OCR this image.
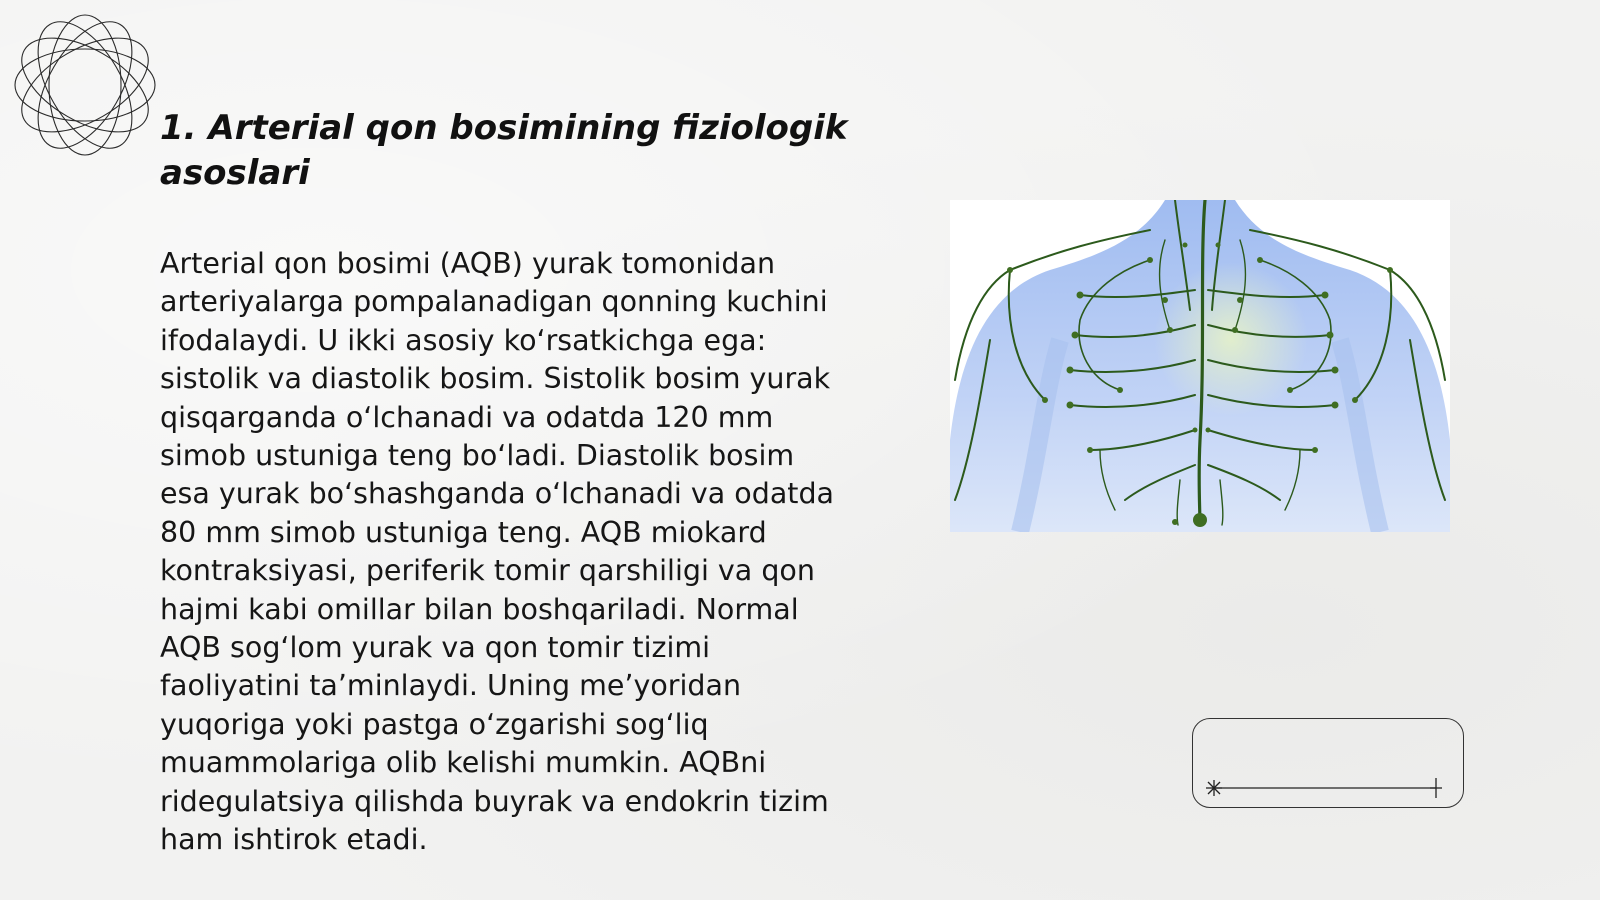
1. Arterial qon bosimining fiziologik asoslari

Arterial qon bosimi (AQB) yurak tomonidan arteriyalarga pompalanadigan qonning kuchini ifodalaydi. U ikki asosiy koʻrsatkichga ega: sistolik va diastolik bosim. Sistolik bosim yurak qisqarganda oʻlchanadi va odatda 120 mm simob ustuniga teng boʻladi. Diastolik bosim esa yurak boʻshashganda oʻlchanadi va odatda 80 mm simob ustuniga teng. AQB miokard kontraksiyasi, periferik tomir qarshiligi va qon hajmi kabi omillar bilan boshqariladi. Normal AQB sogʻlom yurak va qon tomir tizimi faoliyatini taʼminlaydi. Uning meʼyoridan yuqoriga yoki pastga oʻzgarishi sogʻliq muammolariga olib kelishi mumkin. AQBni ridegulatsiya qilishda buyrak va endokrin tizim ham ishtirok etadi.
